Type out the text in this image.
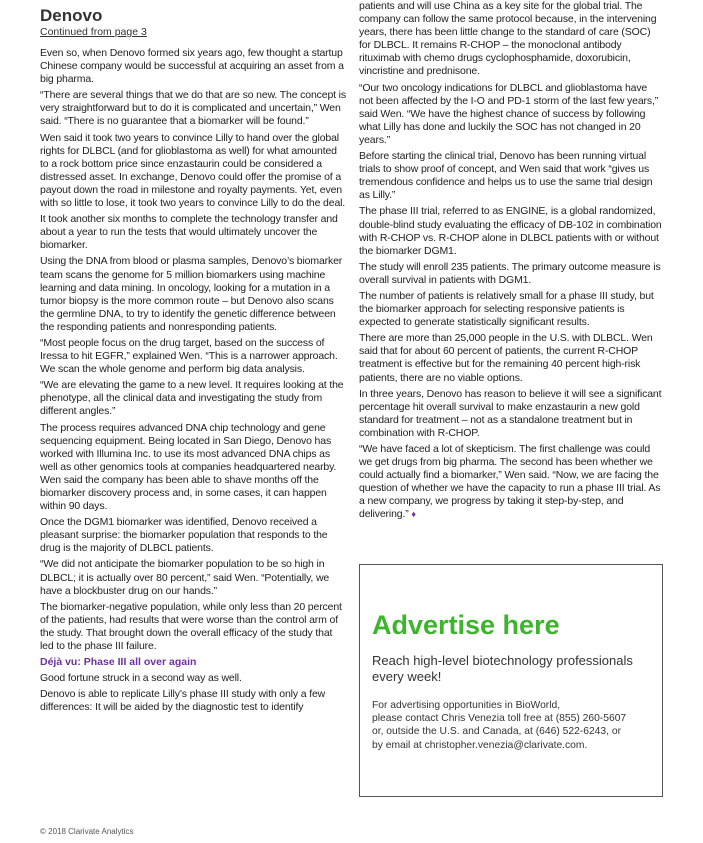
Denovo
Continued from page 3

Even so, when Denovo formed six years ago, few thought a startup Chinese company would be successful at acquiring an asset from a big pharma.

“There are several things that we do that are so new. The concept is very straightforward but to do it is complicated and uncertain,” Wen said. “There is no guarantee that a biomarker will be found.”

Wen said it took two years to convince Lilly to hand over the global rights for DLBCL (and for glioblastoma as well) for what amounted to a rock bottom price since enzastaurin could be considered a distressed asset. In exchange, Denovo could offer the promise of a payout down the road in milestone and royalty payments. Yet, even with so little to lose, it took two years to convince Lilly to do the deal.

It took another six months to complete the technology transfer and about a year to run the tests that would ultimately uncover the biomarker.

Using the DNA from blood or plasma samples, Denovo’s biomarker team scans the genome for 5 million biomarkers using machine learning and data mining. In oncology, looking for a mutation in a tumor biopsy is the more common route – but Denovo also scans the germline DNA, to try to identify the genetic difference between the responding patients and nonresponding patients.

“Most people focus on the drug target, based on the success of Iressa to hit EGFR,” explained Wen. “This is a narrower approach. We scan the whole genome and perform big data analysis.

“We are elevating the game to a new level. It requires looking at the phenotype, all the clinical data and investigating the study from different angles.”

The process requires advanced DNA chip technology and gene sequencing equipment. Being located in San Diego, Denovo has worked with Illumina Inc. to use its most advanced DNA chips as well as other genomics tools at companies headquartered nearby. Wen said the company has been able to shave months off the biomarker discovery process and, in some cases, it can happen within 90 days.

Once the DGM1 biomarker was identified, Denovo received a pleasant surprise: the biomarker population that responds to the drug is the majority of DLBCL patients.

“We did not anticipate the biomarker population to be so high in DLBCL; it is actually over 80 percent,” said Wen. “Potentially, we have a blockbuster drug on our hands.”

The biomarker-negative population, while only less than 20 percent of the patients, had results that were worse than the control arm of the study. That brought down the overall efficacy of the study that led to the phase III failure.

Déjà vu: Phase III all over again

Good fortune struck in a second way as well.

Denovo is able to replicate Lilly’s phase III study with only a few differences: It will be aided by the diagnostic test to identify

patients and will use China as a key site for the global trial. The company can follow the same protocol because, in the intervening years, there has been little change to the standard of care (SOC) for DLBCL. It remains R-CHOP – the monoclonal antibody rituximab with chemo drugs cyclophosphamide, doxorubicin, vincristine and prednisone.

“Our two oncology indications for DLBCL and glioblastoma have not been affected by the I-O and PD-1 storm of the last few years,” said Wen. “We have the highest chance of success by following what Lilly has done and luckily the SOC has not changed in 20 years.”

Before starting the clinical trial, Denovo has been running virtual trials to show proof of concept, and Wen said that work “gives us tremendous confidence and helps us to use the same trial design as Lilly.”

The phase III trial, referred to as ENGINE, is a global randomized, double-blind study evaluating the efficacy of DB-102 in combination with R-CHOP vs. R-CHOP alone in DLBCL patients with or without the biomarker DGM1.

The study will enroll 235 patients. The primary outcome measure is overall survival in patients with DGM1.

The number of patients is relatively small for a phase III study, but the biomarker approach for selecting responsive patients is expected to generate statistically significant results.

There are more than 25,000 people in the U.S. with DLBCL. Wen said that for about 60 percent of patients, the current R-CHOP treatment is effective but for the remaining 40 percent high-risk patients, there are no viable options.

In three years, Denovo has reason to believe it will see a significant percentage hit overall survival to make enzastaurin a new gold standard for treatment – not as a standalone treatment but in combination with R-CHOP.

“We have faced a lot of skepticism. The first challenge was could we get drugs from big pharma. The second has been whether we could actually find a biomarker,” Wen said. “Now, we are facing the question of whether we have the capacity to run a phase III trial. As a new company, we progress by taking it step-by-step, and delivering.” ♦

Advertise here
Reach high-level biotechnology professionals every week!
For advertising opportunities in BioWorld,
please contact Chris Venezia toll free at (855) 260-5607
or, outside the U.S. and Canada, at (646) 522-6243, or
by email at christopher.venezia@clarivate.com.
© 2018 Clarivate Analytics
